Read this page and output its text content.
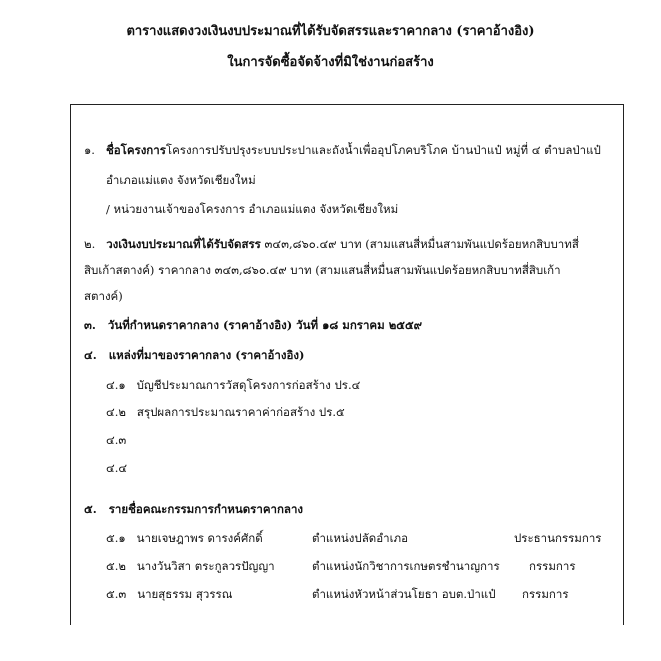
ตารางแสดงวงเงินงบประมาณที่ได้รับจัดสรรและราคากลาง (ราคาอ้างอิง)
ในการจัดซื้อจัดจ้างที่มิใช่งานก่อสร้าง
๑. ชื่อโครงการโครงการปรับปรุงระบบประปาและถังน้ำเพื่ออุปโภคบริโภค บ้านป่าแป๋ หมู่ที่ ๔ ตำบลป่าแป๋
อำเภอแม่แตง จังหวัดเชียงใหม่
/ หน่วยงานเจ้าของโครงการ อำเภอแม่แตง จังหวัดเชียงใหม่
๒. วงเงินงบประมาณที่ได้รับจัดสรร ๓๔๓,๘๖๐.๔๙ บาท (สามแสนสี่หมื่นสามพันแปดร้อยหกสิบบาทสี่
สิบเก้าสตางค์) ราคากลาง ๓๔๓,๘๖๐.๔๙ บาท (สามแสนสี่หมื่นสามพันแปดร้อยหกสิบบาทสี่สิบเก้า
สตางค์)
๓. วันที่กำหนดราคากลาง (ราคาอ้างอิง) วันที่ ๑๘ มกราคม ๒๕๕๙
๔. แหล่งที่มาของราคากลาง (ราคาอ้างอิง)
๔.๑ บัญชีประมาณการวัสดุโครงการก่อสร้าง ปร.๔
๔.๒ สรุปผลการประมาณราคาค่าก่อสร้าง ปร.๕
๔.๓
๔.๔
๕. รายชื่อคณะกรรมการกำหนดราคากลาง
๕.๑ นายเจษฎาพร ดารงค์ศักดิ์	ตำแหน่งปลัดอำเภอ	ประธานกรรมการ
๕.๒ นางวันวิสา ตระกูลวรปัญญา	ตำแหน่งนักวิชาการเกษตรชำนาญการ	กรรมการ
๕.๓ นายสุธรรม สุวรรณ	ตำแหน่งหัวหน้าส่วนโยธา อบต.ป่าแป๋ กรรมการ
